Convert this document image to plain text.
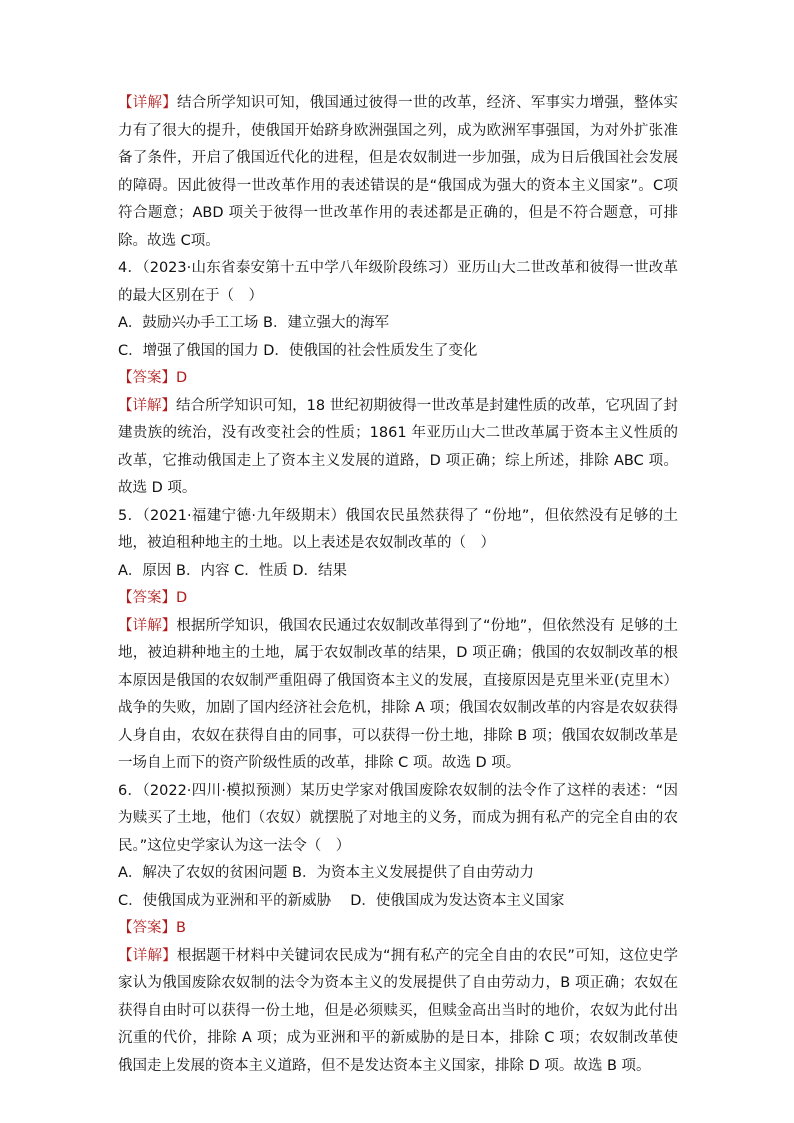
【详解】结合所学知识可知，俄国通过彼得一世的改革，经济、军事实力增强，整体实力有了很大的提升，使俄国开始跻身欧洲强国之列，成为欧洲军事强国，为对外扩张准备了条件，开启了俄国近代化的进程，但是农奴制进一步加强，成为日后俄国社会发展的障碍。因此彼得一世改革作用的表述错误的是“俄国成为强大的资本主义国家”。C项符合题意；ABD 项关于彼得一世改革作用的表述都是正确的，但是不符合题意，可排除。故选 C项。

4．（2023·山东省泰安第十五中学八年级阶段练习）亚历山大二世改革和彼得一世改革的最大区别在于（　）

A．鼓励兴办手工工场 B．建立强大的海军

C．增强了俄国的国力 D．使俄国的社会性质发生了变化

【答案】D

【详解】结合所学知识可知，18 世纪初期彼得一世改革是封建性质的改革，它巩固了封建贵族的统治，没有改变社会的性质；1861 年亚历山大二世改革属于资本主义性质的改革，它推动俄国走上了资本主义发展的道路，D 项正确；综上所述，排除 ABC 项。故选 D 项。

5．（2021·福建宁德·九年级期末）俄国农民虽然获得了 “份地”，但依然没有足够的土地，被迫租种地主的土地。以上表述是农奴制改革的（　）

A．原因 B．内容 C．性质 D．结果

【答案】D

【详解】根据所学知识，俄国农民通过农奴制改革得到了“份地”，但依然没有 足够的土地，被迫耕种地主的土地，属于农奴制改革的结果，D 项正确；俄国的农奴制改革的根本原因是俄国的农奴制严重阻碍了俄国资本主义的发展，直接原因是克里米亚(克里木）战争的失败，加剧了国内经济社会危机，排除 A 项；俄国农奴制改革的内容是农奴获得人身自由，农奴在获得自由的同事，可以获得一份土地，排除 B 项；俄国农奴制改革是一场自上而下的资产阶级性质的改革，排除 C 项。故选 D 项。

6．（2022·四川·模拟预测）某历史学家对俄国废除农奴制的法令作了这样的表述：“因为赎买了土地，他们（农奴）就摆脱了对地主的义务，而成为拥有私产的完全自由的农民。”这位史学家认为这一法令（　）

A．解决了农奴的贫困问题 B．为资本主义发展提供了自由劳动力

C．使俄国成为亚洲和平的新威胁　 D．使俄国成为发达资本主义国家

【答案】B

【详解】根据题干材料中关键词农民成为“拥有私产的完全自由的农民”可知，这位史学家认为俄国废除农奴制的法令为资本主义的发展提供了自由劳动力，B 项正确；农奴在获得自由时可以获得一份土地，但是必须赎买，但赎金高出当时的地价，农奴为此付出沉重的代价，排除 A 项；成为亚洲和平的新威胁的是日本，排除 C 项；农奴制改革使俄国走上发展的资本主义道路，但不是发达资本主义国家，排除 D 项。故选 B 项。
